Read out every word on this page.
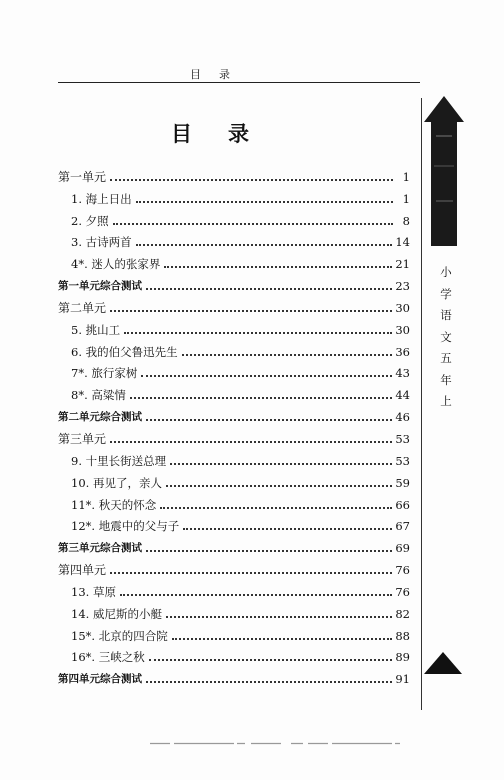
目录
目录
第一单元	1
1. 海上日出	1
2. 夕照	8
3. 古诗两首	14
4*. 迷人的张家界	21
第一单元综合测试	23
第二单元	30
5. 挑山工	30
6. 我的伯父鲁迅先生	36
7*. 旅行家树	43
8*. 高粱情	44
第二单元综合测试	46
第三单元	53
9. 十里长街送总理	53
10. 再见了，亲人	59
11*. 秋天的怀念	66
12*. 地震中的父与子	67
第三单元综合测试	69
第四单元	76
13. 草原	76
14. 威尼斯的小艇	82
15*. 北京的四合院	88
16*. 三峡之秋	89
第四单元综合测试	91
小
学
语
文
五
年
上
